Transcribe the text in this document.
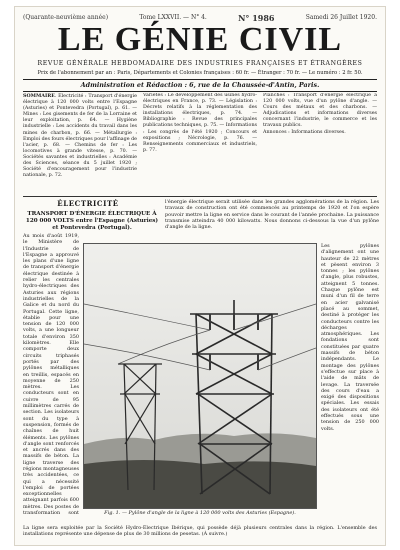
(Quarante-neuvième année)	Tome LXXVII. — N° 4.	N° 1986	Samedi 26 Juillet 1920.
LE GÉNIE CIVIL
REVUE GÉNÉRALE HEBDOMADAIRE DES INDUSTRIES FRANÇAISES ET ÉTRANGÈRES
Prix de l'abonnement par an : Paris, Départements et Colonies françaises : 60 fr. — Étranger : 70 fr. — Le numéro : 2 fr. 50.
Administration et Rédaction : 6, rue de la Chaussée-d'Antin, Paris.
SOMMAIRE. Électricité : Transport d'énergie électrique à 120 000 volts entre l'Espagne (Asturies) et Pontevedra (Portugal), p. 61. — Mines : Les gisements de fer de la Lorraine et leur exploitation, p. 64. — Hygiène industrielle : Les accidents du travail dans les mines de charbon, p. 66. — Métallurgie : Emploi des fours électriques pour l'affinage de l'acier, p. 68. — Chemins de fer : Les locomotives à grande vitesse, p. 70. — Sociétés savantes et industrielles : Académie des Sciences, séance du 5 juillet 1920 ; Société d'encouragement pour l'industrie nationale, p. 72.
Variétés : Le développement des usines hydro-électriques en France, p. 73. — Législation : Décrets relatifs à la réglementation des installations électriques, p. 74. — Bibliographie : Revue des principales publications techniques, p. 75. — Informations : Les congrès de l'été 1920 ; Concours et expositions ; Nécrologie, p. 76. — Renseignements commerciaux et industriels, p. 77.
Planches : Transport d'énergie électrique à 120 000 volts, vue d'un pylône d'angle. — Cours des métaux et des charbons. — Adjudications et informations diverses concernant l'industrie, le commerce et les travaux publics.
Annonces : Informations diverses.
ÉLECTRICITÉ
TRANSPORT D'ÉNERGIE ÉLECTRIQUE À 120 000 VOLTS entre l'Espagne (Asturies) et Pontevedra (Portugal).
Au mois d'août 1919, le Ministère de l'Industrie de l'Espagne a approuvé les plans d'une ligne de transport d'énergie électrique destinée à relier les centrales hydro-électriques des Asturies aux régions industrielles de la Galice et du nord du Portugal. Cette ligne, établie pour une tension de 120 000 volts, a une longueur totale d'environ 350 kilomètres. Elle comporte deux circuits triphasés portés par des pylônes métalliques en treillis, espacés en moyenne de 250 mètres. Les conducteurs sont en cuivre de 95 millimètres carrés de section. Les isolateurs sont du type à suspension, formés de chaînes de huit éléments. Les pylônes d'angle sont renforcés et ancrés dans des massifs de béton. La ligne traverse des régions montagneuses très accidentées, ce qui a nécessité l'emploi de portées exceptionnelles atteignant parfois 600 mètres. Des postes de transformation sont
l'énergie électrique serait utilisée dans les grandes agglomérations de la région. Les travaux de construction ont été commencés au printemps de 1920 et l'on espère pouvoir mettre la ligne en service dans le courant de l'année prochaine. La puissance transmise atteindra 40 000 kilowatts. Nous donnons ci-dessous la vue d'un pylône d'angle de la ligne.
Les pylônes d'alignement ont une hauteur de 22 mètres et pèsent environ 3 tonnes ; les pylônes d'angle, plus robustes, atteignent 5 tonnes. Chaque pylône est muni d'un fil de terre en acier galvanisé placé au sommet, destiné à protéger les conducteurs contre les décharges atmosphériques. Les fondations sont constituées par quatre massifs de béton indépendants. Le montage des pylônes s'effectue sur place à l'aide de mâts de levage. La traversée des cours d'eau a exigé des dispositions spéciales. Les essais des isolateurs ont été effectués sous une tension de 250 000 volts.
Fig. 1. — Pylône d'angle de la ligne à 120 000 volts des Asturies (Espagne).
La ligne sera exploitée par la Société Hydro-Électrique Ibérique, qui possède déjà plusieurs centrales dans la région. L'ensemble des installations représente une dépense de plus de 30 millions de pesetas. (À suivre.)
